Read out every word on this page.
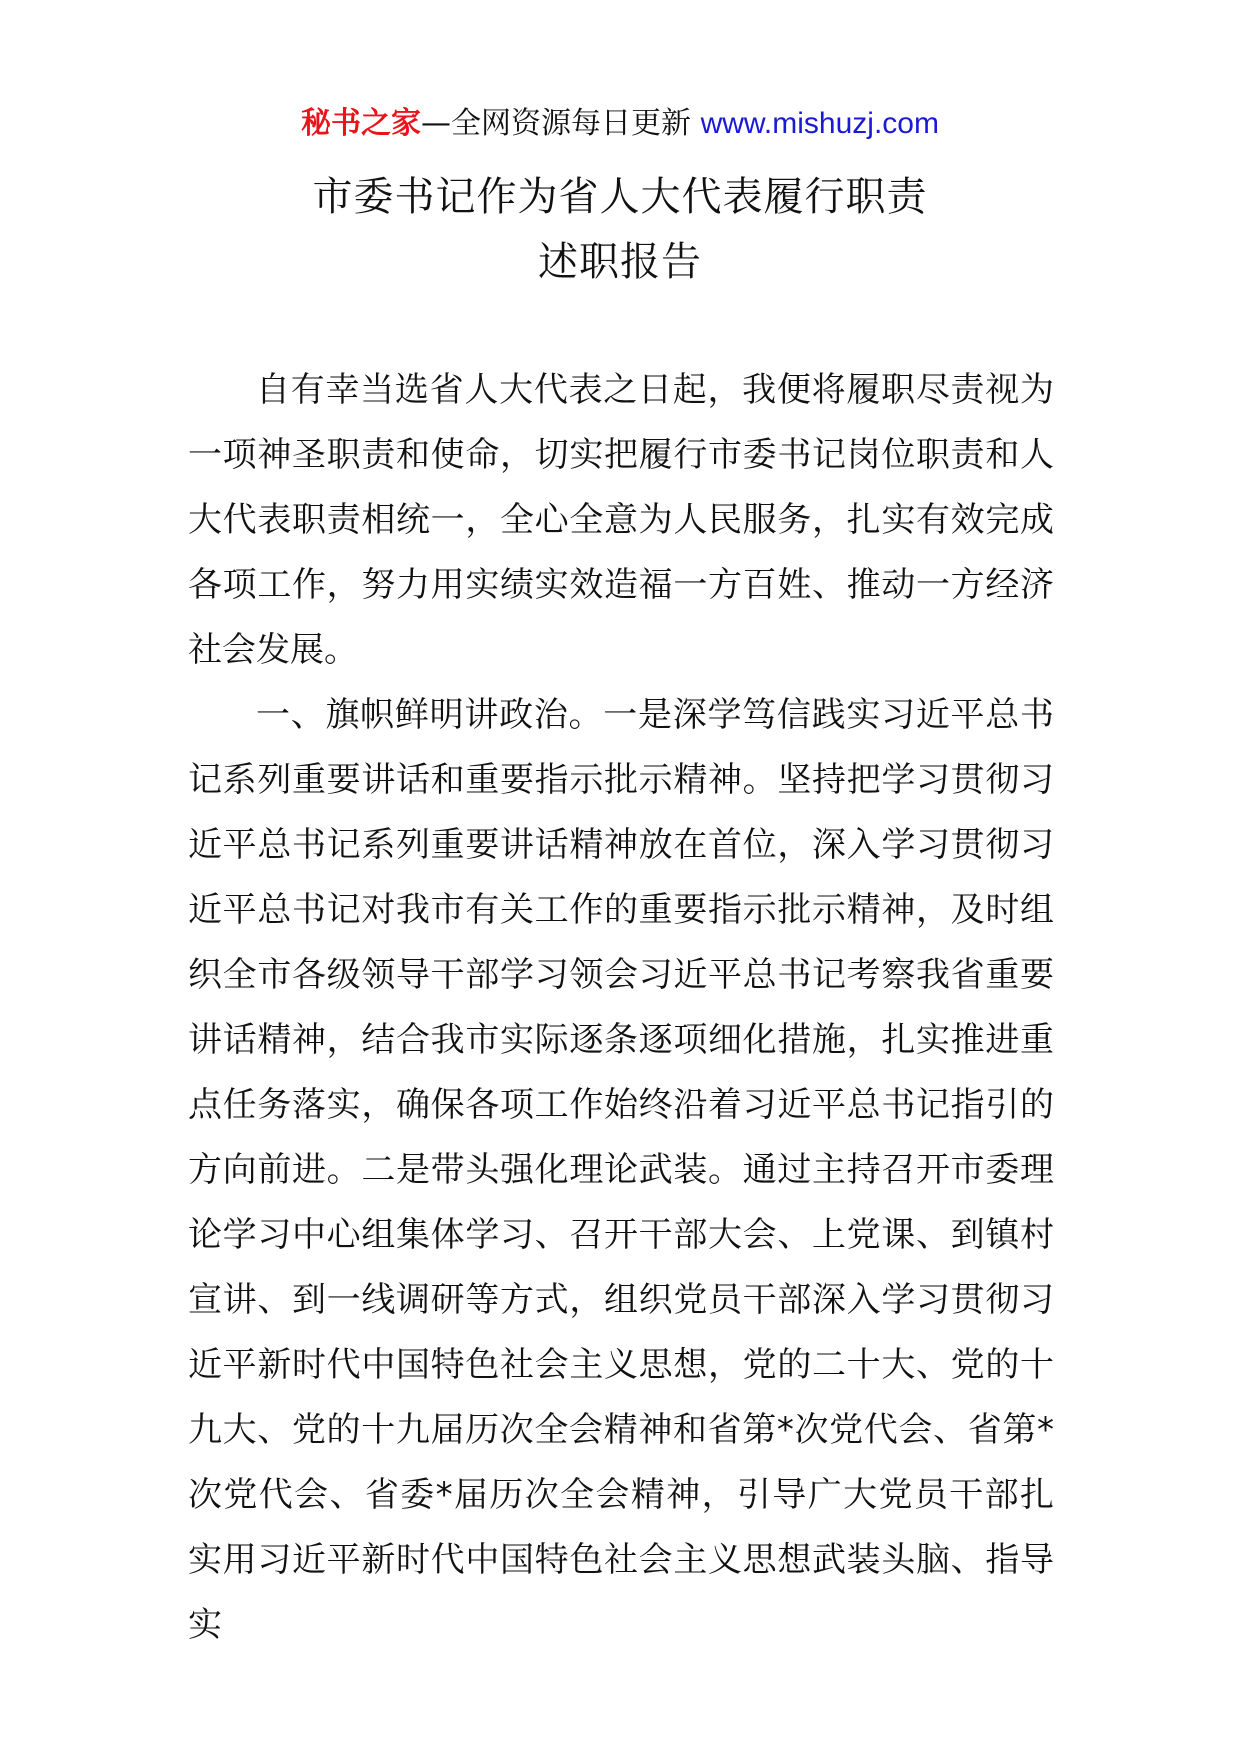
秘书之家—全网资源每日更新 www.mishuzj.com
市委书记作为省人大代表履行职责
述职报告

自有幸当选省人大代表之日起，我便将履职尽责视为一项神圣职责和使命，切实把履行市委书记岗位职责和人大代表职责相统一，全心全意为人民服务，扎实有效完成各项工作，努力用实绩实效造福一方百姓、推动一方经济社会发展。

一、旗帜鲜明讲政治。一是深学笃信践实习近平总书记系列重要讲话和重要指示批示精神。坚持把学习贯彻习近平总书记系列重要讲话精神放在首位，深入学习贯彻习近平总书记对我市有关工作的重要指示批示精神，及时组织全市各级领导干部学习领会习近平总书记考察我省重要讲话精神，结合我市实际逐条逐项细化措施，扎实推进重点任务落实，确保各项工作始终沿着习近平总书记指引的方向前进。二是带头强化理论武装。通过主持召开市委理论学习中心组集体学习、召开干部大会、上党课、到镇村宣讲、到一线调研等方式，组织党员干部深入学习贯彻习近平新时代中国特色社会主义思想，党的二十大、党的十九大、党的十九届历次全会精神和省第*次党代会、省第*次党代会、省委*届历次全会精神，引导广大党员干部扎实用习近平新时代中国特色社会主义思想武装头脑、指导实
